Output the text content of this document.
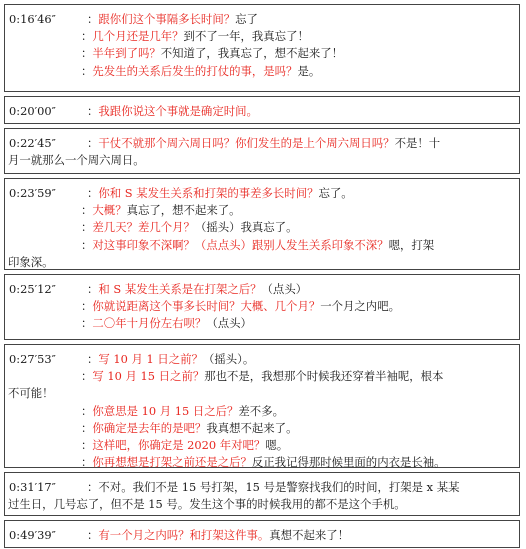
0:16′46″	：跟你们这个事隔多长时间？忘了
：几个月还是几年？到不了一年，我真忘了！
：半年到了吗？不知道了，我真忘了，想不起来了！
：先发生的关系后发生的打仗的事，是吗？是。
0:20′00″	：我跟你说这个事就是确定时间。
0:22′45″	：干仗不就那个周六周日吗？你们发生的是上个周六周日吗？不是！十
月一就那么一个周六周日。
0:23′59″	：你和 S 某发生关系和打架的事差多长时间？忘了。
：大概？真忘了，想不起来了。
：差几天？差几个月？（摇头）我真忘了。
：对这事印象不深啊？（点点头）跟别人发生关系印象不深？嗯，打架
印象深。
0:25′12″	：和 S 某发生关系是在打架之后？（点头）
：你就说距离这个事多长时间？大概、几个月？一个月之内吧。
：二〇年十月份左右呗？（点头）
0:27′53″	：写 10 月 1 日之前？（摇头）。
：写 10 月 15 日之前？那也不是，我想那个时候我还穿着半袖呢，根本
不可能！
：你意思是 10 月 15 日之后？差不多。
：你确定是去年的是吧？我真想不起来了。
：这样吧，你确定是 2020 年对吧？嗯。
：你再想想是打架之前还是之后？反正我记得那时候里面的内衣是长袖。
0:31′17″	：不对。我们不是 15 号打架，15 号是警察找我们的时间，打架是 x 某某
过生日，几号忘了，但不是 15 号。发生这个事的时候我用的都不是这个手机。
0:49′39″	：有一个月之内吗？和打架这件事。真想不起来了！
